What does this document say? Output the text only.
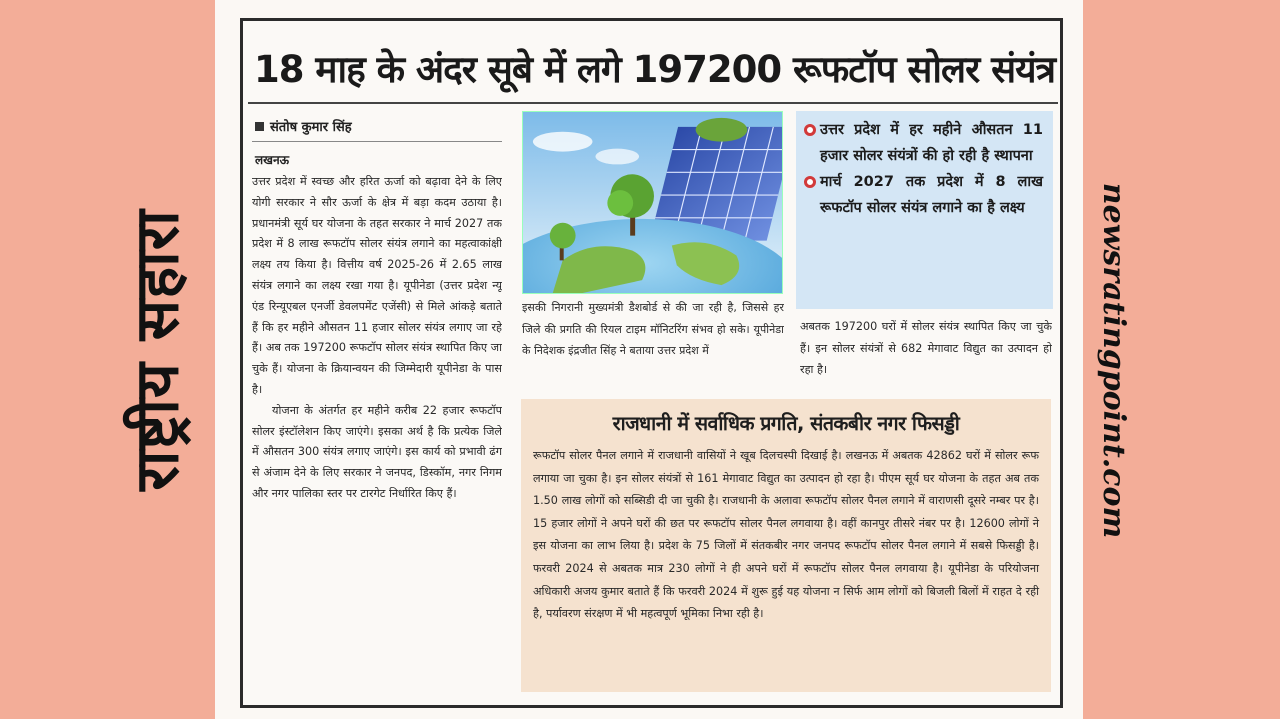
राष्ट्रीय सहारा	newsratingpoint.com
18 माह के अंदर सूबे में लगे 197200 रूफटॉप सोलर संयंत्र
संतोष कुमार सिंह
लखनऊ

उत्तर प्रदेश में स्वच्छ और हरित ऊर्जा को बढ़ावा देने के लिए योगी सरकार ने सौर ऊर्जा के क्षेत्र में बड़ा कदम उठाया है। प्रधानमंत्री सूर्य घर योजना के तहत सरकार ने मार्च 2027 तक प्रदेश में 8 लाख रूफटॉप सोलर संयंत्र लगाने का महत्वाकांक्षी लक्ष्य तय किया है। वित्तीय वर्ष 2025-26 में 2.65 लाख संयंत्र लगाने का लक्ष्य रखा गया है। यूपीनेडा (उत्तर प्रदेश न्यू एंड रिन्यूएबल एनर्जी डेवलपमेंट एजेंसी) से मिले आंकड़े बताते हैं कि हर महीने औसतन 11 हजार सोलर संयंत्र लगाए जा रहे हैं। अब तक 197200 रूफटॉप सोलर संयंत्र स्थापित किए जा चुके हैं। योजना के क्रियान्वयन की जिम्मेदारी यूपीनेडा के पास है।

योजना के अंतर्गत हर महीने करीब 22 हजार रूफटॉप सोलर इंस्टॉलेशन किए जाएंगे। इसका अर्थ है कि प्रत्येक जिले में औसतन 300 संयंत्र लगाए जाएंगे। इस कार्य को प्रभावी ढंग से अंजाम देने के लिए सरकार ने जनपद, डिस्कॉम, नगर निगम और नगर पालिका स्तर पर टारगेट निर्धारित किए हैं।

इसकी निगरानी मुख्यमंत्री डैशबोर्ड से की जा रही है, जिससे हर जिले की प्रगति की रियल टाइम मॉनिटरिंग संभव हो सके। यूपीनेडा के निदेशक इंद्रजीत सिंह ने बताया उत्तर प्रदेश में
उत्तर प्रदेश में हर महीने औसतन 11 हजार सोलर संयंत्रों की हो रही है स्थापना
मार्च 2027 तक प्रदेश में 8 लाख रूफटॉप सोलर संयंत्र लगाने का है लक्ष्य
अबतक 197200 घरों में सोलर संयंत्र स्थापित किए जा चुके हैं। इन सोलर संयंत्रों से 682 मेगावाट विद्युत का उत्पादन हो रहा है।
राजधानी में सर्वाधिक प्रगति, संतकबीर नगर फिसड्डी
रूफटॉप सोलर पैनल लगाने में राजधानी वासियों ने खूब दिलचस्पी दिखाई है। लखनऊ में अबतक 42862 घरों में सोलर रूफ लगाया जा चुका है। इन सोलर संयंत्रों से 161 मेगावाट विद्युत का उत्पादन हो रहा है। पीएम सूर्य घर योजना के तहत अब तक 1.50 लाख लोगों को सब्सिडी दी जा चुकी है। राजधानी के अलावा रूफटॉप सोलर पैनल लगाने में वाराणसी दूसरे नम्बर पर है। 15 हजार लोगों ने अपने घरों की छत पर रूफटॉप सोलर पैनल लगवाया है। वहीं कानपुर तीसरे नंबर पर है। 12600 लोगों ने इस योजना का लाभ लिया है। प्रदेश के 75 जिलों में संतकबीर नगर जनपद रूफटॉप सोलर पैनल लगाने में सबसे फिसड्डी है। फरवरी 2024 से अबतक मात्र 230 लोगों ने ही अपने घरों में रूफटॉप सोलर पैनल लगवाया है। यूपीनेडा के परियोजना अधिकारी अजय कुमार बताते हैं कि फरवरी 2024 में शुरू हुई यह योजना न सिर्फ आम लोगों को बिजली बिलों में राहत दे रही है, पर्यावरण संरक्षण में भी महत्वपूर्ण भूमिका निभा रही है।
